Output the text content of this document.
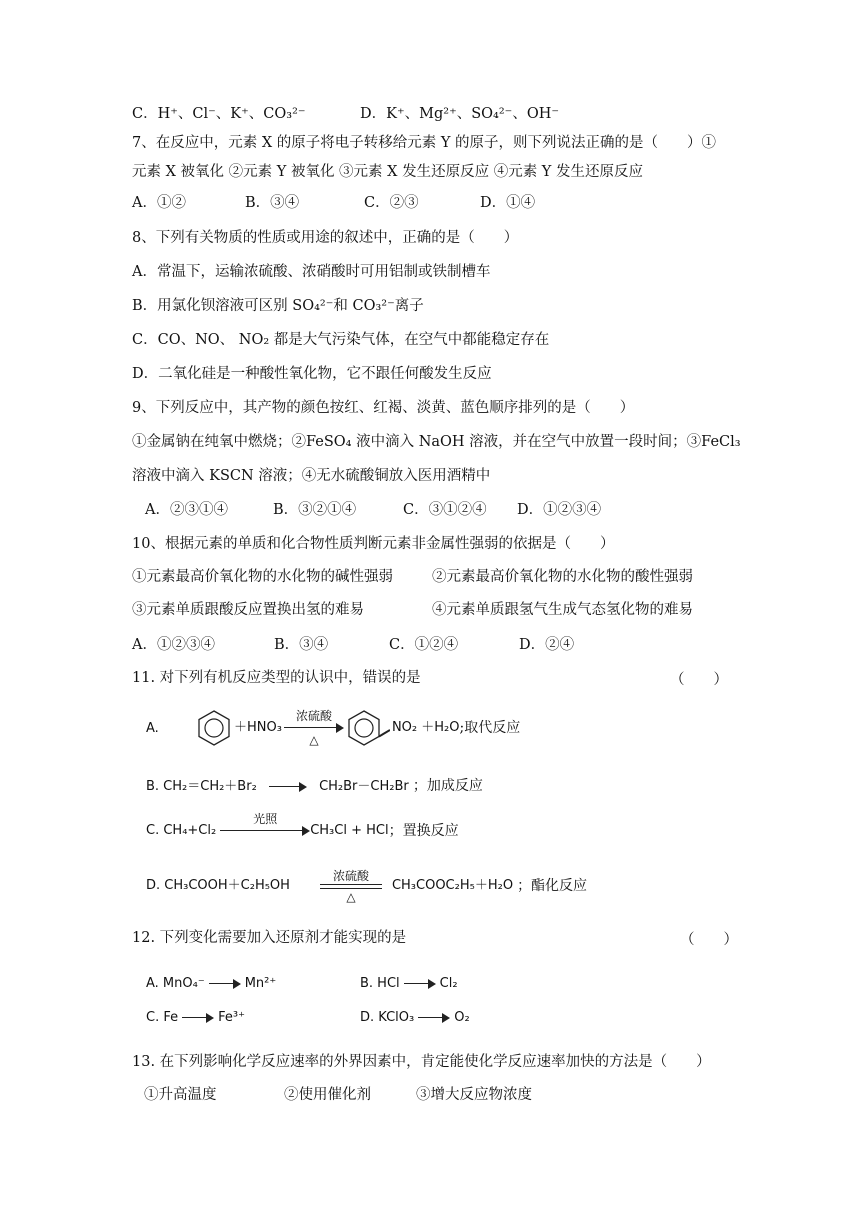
C．H⁺、Cl⁻、K⁺、CO₃²⁻	D．K⁺、Mg²⁺、SO₄²⁻、OH⁻
7、在反应中，元素 X 的原子将电子转移给元素 Y 的原子，则下列说法正确的是（　　）①
元素 X 被氧化 ②元素 Y 被氧化 ③元素 X 发生还原反应 ④元素 Y 发生还原反应
A．①②	B．③④	C．②③	D．①④
8、下列有关物质的性质或用途的叙述中，正确的是（　　）
A．常温下，运输浓硫酸、浓硝酸时可用铝制或铁制槽车
B．用氯化钡溶液可区别 SO₄²⁻和 CO₃²⁻离子
C．CO、NO、 NO₂ 都是大气污染气体，在空气中都能稳定存在
D．二氧化硅是一种酸性氧化物，它不跟任何酸发生反应
9、下列反应中，其产物的颜色按红、红褐、淡黄、蓝色顺序排列的是（　　）
①金属钠在纯氧中燃烧；②FeSO₄ 液中滴入 NaOH 溶液，并在空气中放置一段时间；③FeCl₃
溶液中滴入 KSCN 溶液；④无水硫酸铜放入医用酒精中
A．②③①④	B．③②①④	C．③①②④ D．①②③④
10、根据元素的单质和化合物性质判断元素非金属性强弱的依据是（　　）
①元素最高价氧化物的水化物的碱性强弱	②元素最高价氧化物的水化物的酸性强弱
③元素单质跟酸反应置换出氢的难易	④元素单质跟氢气生成气态氢化物的难易
A．①②③④	B．③④	C．①②④	D．②④
11. 对下列有机反应类型的认识中，错误的是	（　　）
A.	＋HNO₃
浓硫酸
△
NO₂ ＋H₂O ;取代反应
B. CH₂＝CH₂＋Br₂	CH₂Br－CH₂Br ；加成反应
C. CH₄+Cl₂
光照
CH₃Cl + HCl ；置换反应
D. CH₃COOH＋C₂H₅OH
浓硫酸
△
CH₃COOC₂H₅＋H₂O ；酯化反应
12. 下列变化需要加入还原剂才能实现的是	（　　）
A. MnO₄⁻	Mn²⁺	B. HCl	Cl₂
C. Fe	Fe³⁺	D. KClO₃	O₂
13. 在下列影响化学反应速率的外界因素中，肯定能使化学反应速率加快的方法是（　　）
①升高温度	②使用催化剂	③增大反应物浓度
